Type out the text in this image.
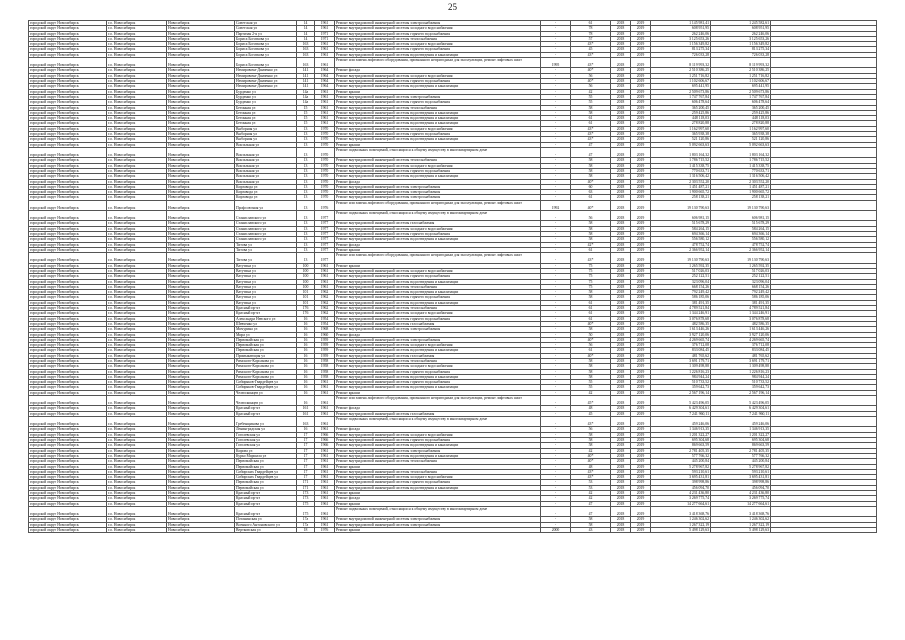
25
городской округ Новосибирск	г.о. Новосибирск	Новосибирск	Советская ул	14	1961	Ремонт внутридомовой инженерной системы электроснабжения	-	61	2018	2019	1 145 981,41	1 245 582,61	
городской округ Новосибирск	г.о. Новосибирск	Новосибирск	Советская ул	14	1961	Ремонт внутридомовой инженерной системы холодного водоснабжения	-	78	2018	2019	608 951,95	608 951,95	
городской округ Новосибирск	г.о. Новосибирск	Новосибирск	Партизан 2-я ул	14	1971	Ремонт внутридомовой инженерной системы горячего водоснабжения	-	78	2018	2019	262 246,06	262 246,06	
городской округ Новосибирск	г.о. Новосибирск	Новосибирск	Бориса Богаткова ул	14	1971	Ремонт внутридомовой инженерной системы теплоснабжения	-	57	2018	2019	3 125 653,26	3 125 653,26	
городской округ Новосибирск	г.о. Новосибирск	Новосибирск	Бориса Богаткова ул	163	1961	Ремонт внутридомовой инженерной системы холодного водоснабжения	-	43*	2018	2019	1 156 349,82	1 156 349,82	
городской округ Новосибирск	г.о. Новосибирск	Новосибирск	Бориса Богаткова ул	163	1961	Ремонт внутридомовой инженерной системы горячего водоснабжения	-	45	2018	2019	813 275,34	813 275,34	
городской округ Новосибирск	г.о. Новосибирск	Новосибирск	Бориса Богаткова ул	163	1961	Ремонт внутридомовой инженерной системы водоотведения и канализации	-	43*	2018	2019	726 033,28	726 033,28	
городской округ Новосибирск	г.о. Новосибирск	Новосибирск	Бориса Богаткова ул	163	1961	Ремонт или замена лифтового оборудования, признанного непригодным для эксплуатации, ремонт лифтовых шахт	1995	43*	2018	2019	8 119 993,32	8 119 993,32	
городской округ Новосибирск	г.о. Новосибирск	Новосибирск	Немировича-Данченко ул	141	1964	Ремонт фасада	-	40*	2018	2019	2 510 386,25	2 510 386,25	
городской округ Новосибирск	г.о. Новосибирск	Новосибирск	Немировича-Данченко ул	141	1964	Ремонт внутридомовой инженерной системы холодного водоснабжения	-	56	2018	2019	1 251 716,82	1 251 716,82	
городской округ Новосибирск	г.о. Новосибирск	Новосибирск	Немировича-Данченко ул	141	1964	Ремонт внутридомовой инженерной системы горячего водоснабжения	-	40*	2018	2019	1 102 606,67	1 102 606,67	
городской округ Новосибирск	г.о. Новосибирск	Новосибирск	Немировича-Данченко ул	141	1964	Ремонт внутридомовой инженерной системы водоотведения и канализации	-	56	2018	2019	695 441,95	695 441,95	
городской округ Новосибирск	г.о. Новосибирск	Новосибирск	Бурденко ул	14a	1961	Ремонт крыши	-	42	2018	2019	2 509 673,86	2 509 673,86	
городской округ Новосибирск	г.о. Новосибирск	Новосибирск	Бурденко ул	14a	1961	Ремонт внутридомовой инженерной системы электроснабжения	-	55	2018	2019	1 747 767,84	1 747 767,84	
городской округ Новосибирск	г.о. Новосибирск	Новосибирск	Бурденко ул	14a	1961	Ремонт внутридомовой инженерной системы горячего водоснабжения	-	55	2018	2019	606 478,64	606 478,64	
городской округ Новосибирск	г.о. Новосибирск	Новосибирск	Бетонная ул	15	1961	Ремонт внутридомовой инженерной системы теплоснабжения	-	58	2018	2019	365 200,45	365 200,45	
городской округ Новосибирск	г.о. Новосибирск	Новосибирск	Бетонная ул	15	1961	Ремонт внутридомовой инженерной системы водоотведения и канализации	-	58	2018	2019	259 425,86	259 425,86	
городской округ Новосибирск	г.о. Новосибирск	Новосибирск	Бетонная ул	15	1961	Ремонт внутридомовой инженерной системы водоотведения и канализации	-	61	2018	2019	448 118,03	448 118,03	
городской округ Новосибирск	г.о. Новосибирск	Новосибирск	Бетонная ул	15	1961	Ремонт внутридомовой инженерной системы водоотведения и канализации	-	61	2018	2019	278 820,88	278 820,88	
городской округ Новосибирск	г.о. Новосибирск	Новосибирск	Выборная ул	13	1970	Ремонт внутридомовой инженерной системы холодного водоснабжения	-	43*	2018	2019	1 162 997,60	1 162 997,60	
городской округ Новосибирск	г.о. Новосибирск	Новосибирск	Выборная ул	13	1970	Ремонт внутридомовой инженерной системы горячего водоснабжения	-	43*	2018	2019	365 938,38	365 938,38	
городской округ Новосибирск	г.о. Новосибирск	Новосибирск	Выборная ул	13	1970	Ремонт внутридомовой инженерной системы водоотведения и канализации	-	43*	2018	2019	521 120,86	521 120,86	
городской округ Новосибирск	г.о. Новосибирск	Новосибирск	Вокзальная ул	13	1970	Ремонт крыши	-	47	2018	2019	5 092 663,63	5 092 663,63	
городской округ Новосибирск	г.о. Новосибирск	Новосибирск	Вокзальная ул	13	1970	Ремонт подвальных помещений, относящихся к общему имуществу в многоквартирном доме	-	47	2018	2019	1 803 164,32	1 803 164,32	
городской округ Новосибирск	г.о. Новосибирск	Новосибирск	Вокзальная ул	13	1970	Ремонт внутридомовой инженерной системы теплоснабжения	-	58	2018	2019	1 786 715,52	1 786 715,52	
городской округ Новосибирск	г.о. Новосибирск	Новосибирск	Вокзальная ул	13	1970	Ремонт внутридомовой инженерной системы холодного водоснабжения	-	58	2018	2019	1 415 338,75	1 415 338,75	
городской округ Новосибирск	г.о. Новосибирск	Новосибирск	Вокзальная ул	13	1970	Ремонт внутридомовой инженерной системы горячего водоснабжения	-	58	2018	2019	770 633,71	770 633,71	
городской округ Новосибирск	г.о. Новосибирск	Новосибирск	Вокзальная ул	13	1970	Ремонт внутридомовой инженерной системы водоотведения и канализации	-	58	2018	2019	1 316 506,42	1 316 506,42	
городской округ Новосибирск	г.о. Новосибирск	Новосибирск	Вокзальная ул	13	1970	Ремонт фасада	-	40*	2018	2019	2 303 552,20	2 303 552,20	
городской округ Новосибирск	г.о. Новосибирск	Новосибирск	Кирзавода ул	13	1970	Ремонт внутридомовой инженерной системы электроснабжения	-	60	2018	2019	1 451 487,21	1 451 487,21	
городской округ Новосибирск	г.о. Новосибирск	Новосибирск	Кирзавода ул	13	1970	Ремонт внутридомовой инженерной системы электроснабжения	-	63	2018	2019	1 900 665,72	1 900 665,72	
городской округ Новосибирск	г.о. Новосибирск	Новосибирск	Кирзавода ул	13	1970	Ремонт внутридомовой инженерной системы электроснабжения	-	61	2018	2019	258 138,21	258 138,21	
городской округ Новосибирск	г.о. Новосибирск	Новосибирск	Профсоюзная ул	13	1976	Ремонт или замена лифтового оборудования, признанного непригодным для эксплуатации, ремонт лифтовых шахт	1992	40*	2018	2019	19 130 790,63	19 130 790,63	
городской округ Новосибирск	г.о. Новосибирск	Новосибирск	Станиславского ул	13	1977	Ремонт подвальных помещений, относящихся к общему имуществу в многоквартирном доме	-	56	2018	2019	606 981,15	606 981,15	
городской округ Новосибирск	г.о. Новосибирск	Новосибирск	Станиславского ул	13	1977	Ремонт внутридомовой инженерной системы газоснабжения	-	58	2018	2019	515 678,29	515 678,29	
городской округ Новосибирск	г.о. Новосибирск	Новосибирск	Станиславского ул	13	1977	Ремонт внутридомовой инженерной системы холодного водоснабжения	-	58	2018	2019	584 264,15	584 264,15	
городской округ Новосибирск	г.о. Новосибирск	Новосибирск	Станиславского ул	13	1977	Ремонт внутридомовой инженерной системы горячего водоснабжения	-	58	2018	2019	694 366,14	694 366,14	
городской округ Новосибирск	г.о. Новосибирск	Новосибирск	Станиславского ул	13	1977	Ремонт внутридомовой инженерной системы водоотведения и канализации	-	58	2018	2019	556 580,12	556 580,12	
городской округ Новосибирск	г.о. Новосибирск	Новосибирск	Титова ул	13	1977	Ремонт фасада	-	42*	2018	2019	478 752,74	478 752,74	
городской округ Новосибирск	г.о. Новосибирск	Новосибирск	Титова ул	13	1977	Ремонт крыши	-	61	2018	2019	2 366 952,14	2 366 952,14	
городской округ Новосибирск	г.о. Новосибирск	Новосибирск	Титова ул	13	1977	Ремонт или замена лифтового оборудования, признанного непригодным для эксплуатации, ремонт лифтовых шахт	-	43*	2018	2019	19 130 790,63	19 130 790,63	
городской округ Новосибирск	г.о. Новосибирск	Новосибирск	Ватутина ул	100	1961	Ремонт крыши	-	75	2018	2019	1 265 592,35	1 265 592,35	
городской округ Новосибирск	г.о. Новосибирск	Новосибирск	Ватутина ул	100	1961	Ремонт внутридомовой инженерной системы холодного водоснабжения	-	75	2018	2019	517 026,03	517 026,03	
городской округ Новосибирск	г.о. Новосибирск	Новосибирск	Ватутина ул	100	1961	Ремонт внутридомовой инженерной системы горячего водоснабжения	-	75	2018	2019	252 122,51	252 122,51	
городской округ Новосибирск	г.о. Новосибирск	Новосибирск	Ватутина ул	100	1961	Ремонт внутридомовой инженерной системы водоотведения и канализации	-	75	2018	2019	323 096,04	323 096,04	
городской округ Новосибирск	г.о. Новосибирск	Новосибирск	Ватутина ул	100	1961	Ремонт внутридомовой инженерной системы теплоснабжения	-	75	2018	2019	668 154,26	668 154,26	
городской округ Новосибирск	г.о. Новосибирск	Новосибирск	Ватутина ул	101	1962	Ремонт внутридомовой инженерной системы водоотведения и канализации	-	58	2018	2019	792 249,42	792 249,42	
городской округ Новосибирск	г.о. Новосибирск	Новосибирск	Ватутина ул	101	1962	Ремонт внутридомовой инженерной системы горячего водоснабжения	-	58	2018	2019	586 185,06	586 185,06	
городской округ Новосибирск	г.о. Новосибирск	Новосибирск	Ватутина ул	101	1962	Ремонт внутридомовой инженерной системы водоотведения и канализации	-	61	2018	2019	381 491,35	381 491,35	
городской округ Новосибирск	г.о. Новосибирск	Новосибирск	Красный пр-кт	176	1962	Ремонт внутридомовой инженерной системы теплоснабжения	-	61	2018	2019	4 789 521,84	4 789 521,84	
городской округ Новосибирск	г.о. Новосибирск	Новосибирск	Красный пр-кт	176	1962	Ремонт внутридомовой инженерной системы холодного водоснабжения	-	61	2018	2019	1 344 246,91	1 344 246,91	
городской округ Новосибирск	г.о. Новосибирск	Новосибирск	Александра Невского ул	16	1954	Ремонт внутридомовой инженерной системы горячего водоснабжения	-	61	2018	2019	3 076 878,68	3 076 878,68	
городской округ Новосибирск	г.о. Новосибирск	Новосибирск	Шевченко ул	16	1954	Ремонт внутридомовой инженерной системы газоснабжения	-	40*	2018	2019	482 586,35	482 586,35	
городской округ Новосибирск	г.о. Новосибирск	Новосибирск	Мичурина ул	16	1968	Ремонт внутридомовой инженерной системы электроснабжения	-	58	2018	2019	1 613 446,26	1 613 446,26	
городской округ Новосибирск	г.о. Новосибирск	Новосибирск	Мира ул	16	1960	Ремонт фасада	-	50	2018	2019	3 927 120,06	3 927 120,06	
городской округ Новосибирск	г.о. Новосибирск	Новосибирск	Первомайская ул	16	1959	Ремонт внутридомовой инженерной системы электроснабжения	-	40*	2018	2019	4 269 665,74	4 269 665,74	
городской округ Новосибирск	г.о. Новосибирск	Новосибирск	Первомайская ул	16	1959	Ремонт внутридомовой инженерной системы холодного водоснабжения	-	56	2018	2019	376 712,08	376 712,08	
городской округ Новосибирск	г.о. Новосибирск	Новосибирск	Первомайская ул	16	1959	Ремонт внутридомовой инженерной системы водоотведения и канализации	-	61	2018	2019	833 084,45	833 084,45	
городской округ Новосибирск	г.о. Новосибирск	Новосибирск	Примыкающая ул	16	1959	Ремонт внутридомовой инженерной системы газоснабжения	-	40*	2018	2019	481 765,62	481 765,62	
городской округ Новосибирск	г.о. Новосибирск	Новосибирск	Римского-Корсакова ул	16	1958	Ремонт внутридомовой инженерной системы теплоснабжения	-	58	2018	2019	3 691 179,71	3 691 179,71	
городской округ Новосибирск	г.о. Новосибирск	Новосибирск	Римского-Корсакова ул	16	1958	Ремонт внутридомовой инженерной системы холодного водоснабжения	-	58	2018	2019	1 309 498,88	1 309 498,88	
городской округ Новосибирск	г.о. Новосибирск	Новосибирск	Римского-Корсакова ул	16	1958	Ремонт внутридомовой инженерной системы горячего водоснабжения	-	58	2018	2019	1 226 816,23	1 226 816,23	
городской округ Новосибирск	г.о. Новосибирск	Новосибирск	Римского-Корсакова ул	16	1958	Ремонт внутридомовой инженерной системы водоотведения и канализации	-	58	2018	2019	984 944,24	984 944,24	
городской округ Новосибирск	г.о. Новосибирск	Новосибирск	Сибиряков-Гвардейцев ул	16	1961	Ремонт внутридомовой инженерной системы горячего водоснабжения	-	55	2018	2019	510 733,52	510 733,52	
городской округ Новосибирск	г.о. Новосибирск	Новосибирск	Сибиряков-Гвардейцев ул	16	1961	Ремонт внутридомовой инженерной системы водоотведения и канализации	-	55	2018	2019	359 642,73	359 642,73	
городской округ Новосибирск	г.о. Новосибирск	Новосибирск	Челюскинцев ул	16	1961	Ремонт крыши	-	42	2018	2019	2 567 196,14	2 567 196,14	
городской округ Новосибирск	г.о. Новосибирск	Новосибирск	Челюскинцев ул	16	1961	Ремонт или замена лифтового оборудования, признанного непригодным для эксплуатации, ремонт лифтовых шахт	-	45*	2018	2019	5 423 496,05	5 423 496,05	
городской округ Новосибирск	г.о. Новосибирск	Новосибирск	Красный пр-кт	161	1961	Ремонт фасада	-	48	2018	2019	6 429 304,61	6 429 304,61	
городской округ Новосибирск	г.о. Новосибирск	Новосибирск	Красный пр-кт	161	1961	Ремонт внутридомовой инженерной системы газоснабжения	-	45	2018	2019	7 241 960,11	7 241 960,11	
городской округ Новосибирск	г.о. Новосибирск	Новосибирск	Гребенщикова ул	163	1961	Ремонт подвальных помещений, относящихся к общему имуществу в многоквартирном доме	-	43*	2018	2019	459 246,06	459 246,06	
городской округ Новосибирск	г.о. Новосибирск	Новосибирск	Ленинградская ул	16	1961	Ремонт фасада	-	56	2018	2019	1 346 913,35	1 346 913,35	
городской округ Новосибирск	г.о. Новосибирск	Новосибирск	Гоголевская ул	17	1966	Ремонт внутридомовой инженерной системы холодного водоснабжения	-	58	2018	2019	1 201 322,27	1 201 322,27	
городской округ Новосибирск	г.о. Новосибирск	Новосибирск	Гоголевская ул	17	1966	Ремонт внутридомовой инженерной системы горячего водоснабжения	-	58	2018	2019	695 304,68	695 304,68	
городской округ Новосибирск	г.о. Новосибирск	Новосибирск	Гоголевская ул	17	1966	Ремонт внутридомовой инженерной системы водоотведения и канализации	-	58	2018	2019	869 663,59	869 663,59	
городской округ Новосибирск	г.о. Новосибирск	Новосибирск	Кирова ул	17	1961	Ремонт внутридомовой инженерной системы электроснабжения	-	42	2018	2019	2 781 405,35	2 781 405,35	
городской округ Новосибирск	г.о. Новосибирск	Новосибирск	Курко Маршала ул	17	1961	Ремонт внутридомовой инженерной системы водоотведения и канализации	-	40*	2018	2019	577 766,32	577 766,32	
городской округ Новосибирск	г.о. Новосибирск	Новосибирск	Первомайская ул	17	1961	Ремонт внутридомовой инженерной системы теплоснабжения	-	40*	2018	2019	445 200,84	445 200,84	
городской округ Новосибирск	г.о. Новосибирск	Новосибирск	Первомайская ул	17	1961	Ремонт крыши	-	48	2018	2019	5 278 967,82	5 278 967,82	
городской округ Новосибирск	г.о. Новосибирск	Новосибирск	Сибирских Гвардейцев ул	17	1961	Ремонт внутридомовой инженерной системы теплоснабжения	-	43*	2018	2019	593 210,61	593 210,61	
городской округ Новосибирск	г.о. Новосибирск	Новосибирск	Сибирских Гвардейцев ул	17	1961	Ремонт внутридомовой инженерной системы холодного водоснабжения	-	43*	2018	2019	3 695 431,81	3 695 431,81	
городской округ Новосибирск	г.о. Новосибирск	Новосибирск	Первомайская ул	171	1961	Ремонт внутридомовой инженерной системы горячего водоснабжения	-	53	2018	2019	398 998,86	398 998,86	
городской округ Новосибирск	г.о. Новосибирск	Новосибирск	Первомайская ул	171	1961	Ремонт внутридомовой инженерной системы водоотведения и канализации	-	53	2018	2019	456 094,70	456 094,70	
городской округ Новосибирск	г.о. Новосибирск	Новосибирск	Красный пр-кт	173	1961	Ремонт крыши	-	42	2018	2019	4 231 436,80	4 231 436,80	
городской округ Новосибирск	г.о. Новосибирск	Новосибирск	Красный пр-кт	173	1961	Ремонт фасада	-	42	2018	2019	3 269 775,74	3 269 775,74	
городской округ Новосибирск	г.о. Новосибирск	Новосибирск	Красный пр-кт	175	1961	Ремонт крыши	-	47	2018	2019	14 277 664,61	14 277 664,61	
городской округ Новосибирск	г.о. Новосибирск	Новосибирск	Красный пр-кт	175	1961	Ремонт подвальных помещений, относящихся к общему имуществу в многоквартирном доме	-	47	2018	2019	3 418 368,76	3 418 368,76	
городской округ Новосибирск	г.о. Новосибирск	Новосибирск	Потанинская ул	17a	1961	Ремонт внутридомовой инженерной системы электроснабжения	-	58	2018	2019	1 246 302,62	1 246 302,62	
городской округ Новосибирск	г.о. Новосибирск	Новосибирск	Военного Антоновского ул	17a	1961	Ремонт внутридомовой инженерной системы электроснабжения	-	58	2018	2019	1 267 322,19	1 267 322,19	
городской округ Новосибирск	г.о. Новосибирск	Новосибирск	Вертковская ул	18	1976	Ремонт крыши	2000	43	2018	2019	5 498 129,63	5 498 129,63	
